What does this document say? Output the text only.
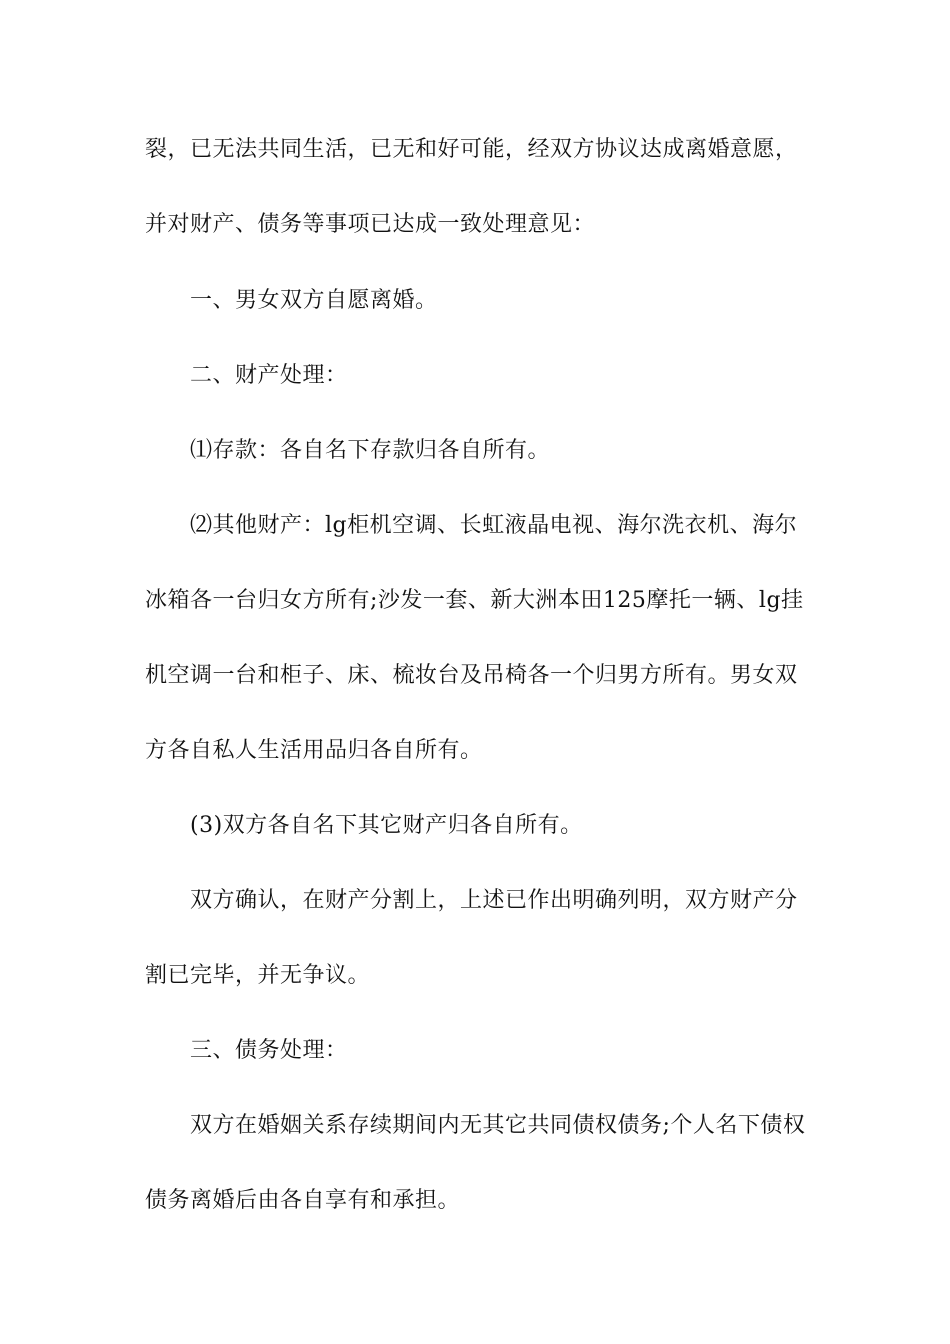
裂，已无法共同生活，已无和好可能，经双方协议达成离婚意愿，
并对财产、债务等事项已达成一致处理意见：
一、男女双方自愿离婚。
二、财产处理：
⑴存款：各自名下存款归各自所有。
⑵其他财产：lg柜机空调、长虹液晶电视、海尔洗衣机、海尔
冰箱各一台归女方所有;沙发一套、新大洲本田125摩托一辆、lg挂
机空调一台和柜子、床、梳妆台及吊椅各一个归男方所有。男女双
方各自私人生活用品归各自所有。
(3)双方各自名下其它财产归各自所有。
双方确认，在财产分割上，上述已作出明确列明，双方财产分
割已完毕，并无争议。
三、债务处理：
双方在婚姻关系存续期间内无其它共同债权债务;个人名下债权
债务离婚后由各自享有和承担。
